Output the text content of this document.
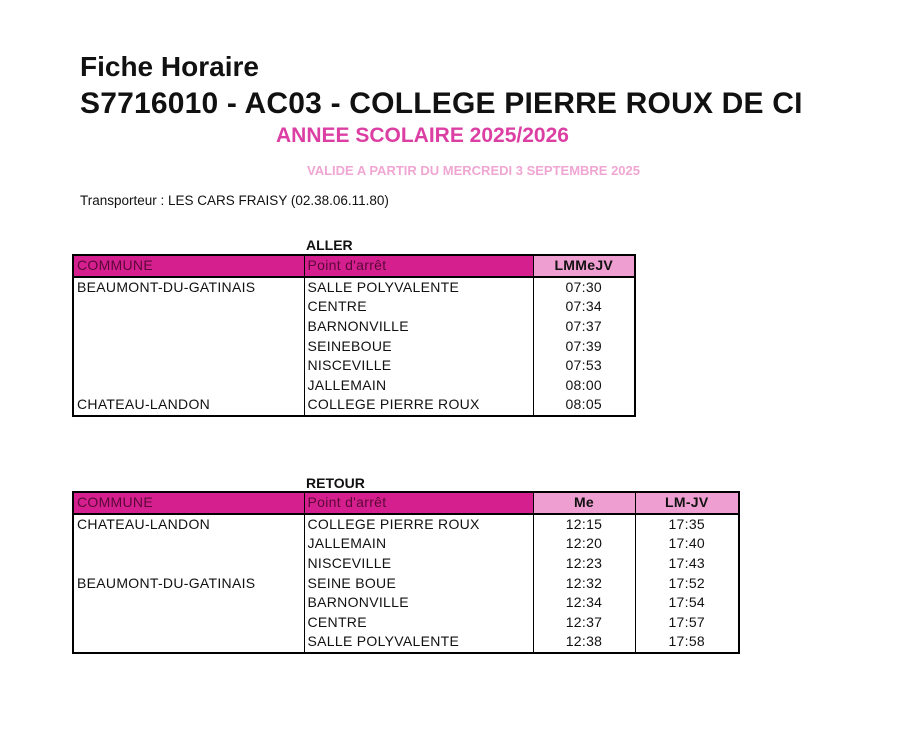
Fiche Horaire
S7716010 - AC03 - COLLEGE PIERRE ROUX DE CI
ANNEE SCOLAIRE 2025/2026
VALIDE A PARTIR DU MERCREDI 3 SEPTEMBRE 2025
Transporteur : LES CARS FRAISY (02.38.06.11.80)
ALLER
COMMUNE	Point d'arrêt	LMMeJV
BEAUMONT-DU-GATINAIS	SALLE POLYVALENTE	07:30
	CENTRE	07:34
	BARNONVILLE	07:37
	SEINEBOUE	07:39
	NISCEVILLE	07:53
	JALLEMAIN	08:00
CHATEAU-LANDON	COLLEGE PIERRE ROUX	08:05
RETOUR
COMMUNE	Point d'arrêt	Me	LM-JV
CHATEAU-LANDON	COLLEGE PIERRE ROUX	12:15	17:35
	JALLEMAIN	12:20	17:40
	NISCEVILLE	12:23	17:43
BEAUMONT-DU-GATINAIS	SEINE BOUE	12:32	17:52
	BARNONVILLE	12:34	17:54
	CENTRE	12:37	17:57
	SALLE POLYVALENTE	12:38	17:58
